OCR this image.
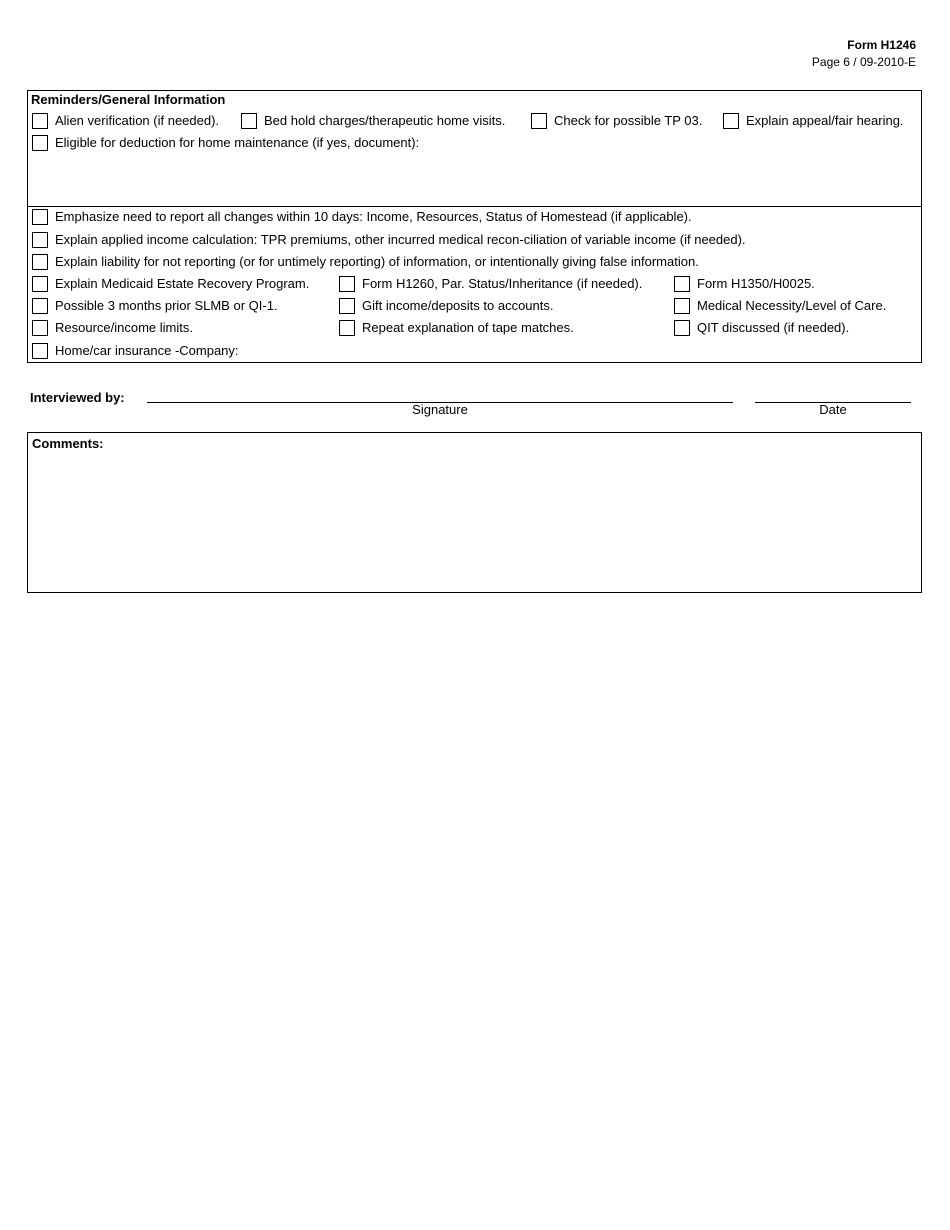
Form H1246
Page 6 / 09-2010-E
Reminders/General Information
Alien verification (if needed).	Bed hold charges/therapeutic home visits.	Check for possible TP 03.	Explain appeal/fair hearing.
Eligible for deduction for home maintenance (if yes, document):
Emphasize need to report all changes within 10 days: Income, Resources, Status of Homestead (if applicable).
Explain applied income calculation: TPR premiums, other incurred medical recon-ciliation of variable income (if needed).
Explain liability for not reporting (or for untimely reporting) of information, or intentionally giving false information.
Explain Medicaid Estate Recovery Program.	Form H1260, Par. Status/Inheritance (if needed).	Form H1350/H0025.
Possible 3 months prior SLMB or QI-1.	Gift income/deposits to accounts.	Medical Necessity/Level of Care.
Resource/income limits.	Repeat explanation of tape matches.	QIT discussed (if needed).
Home/car insurance -Company:
Interviewed by:
Signature	Date
Comments:
